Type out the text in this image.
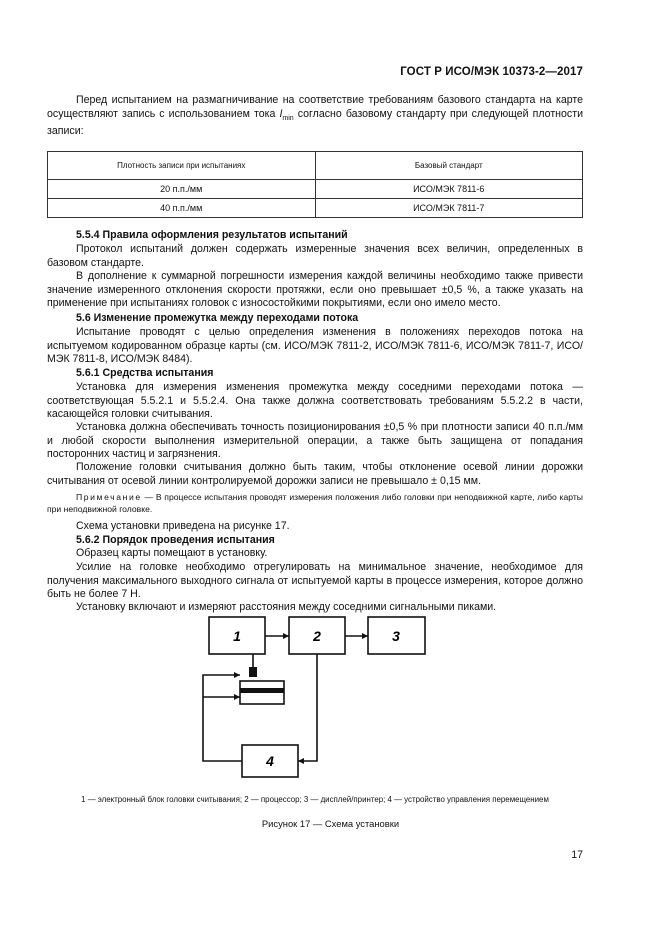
ГОСТ Р ИСО/МЭК 10373-2—2017

Перед испытанием на размагничивание на соответствие требованиям базового стандарта на карте осуществляют запись с использованием тока $I_{min}$ согласно базовому стандарту при следующей плотности записи:

Плотность записи при испытаниях	Базовый стандарт
20 п.п./мм	ИСО/МЭК 7811-6
40 п.п./мм	ИСО/МЭК 7811-7

5.5.4 Правила оформления результатов испытаний

Протокол испытаний должен содержать измеренные значения всех величин, определенных в базовом стандарте.

В дополнение к суммарной погрешности измерения каждой величины необходимо также привести значение измеренного отклонения скорости протяжки, если оно превышает ±0,5 %, а также указать на применение при испытаниях головок с износостойкими покрытиями, если оно имело место.

5.6 Изменение промежутка между переходами потока

Испытание проводят с целью определения изменения в положениях переходов потока на испытуемом кодированном образце карты (см. ИСО/МЭК 7811-2, ИСО/МЭК 7811-6, ИСО/МЭК 7811-7, ИСО/МЭК 7811-8, ИСО/МЭК 8484).

5.6.1 Средства испытания

Установка для измерения изменения промежутка между соседними переходами потока — соответствующая 5.5.2.1 и 5.5.2.4. Она также должна соответствовать требованиям 5.5.2.2 в части, касающейся головки считывания.

Установка должна обеспечивать точность позиционирования ±0,5 % при плотности записи 40 п.п./мм и любой скорости выполнения измерительной операции, а также быть защищена от попадания посторонних частиц и загрязнения.

Положение головки считывания должно быть таким, чтобы отклонение осевой линии дорожки считывания от осевой линии контролируемой дорожки записи не превышало ± 0,15 мм.

Примечание — В процессе испытания проводят измерения положения либо головки при неподвижной карте, либо карты при неподвижной головке.

Схема установки приведена на рисунке 17.

5.6.2 Порядок проведения испытания

Образец карты помещают в установку.

Усилие на головке необходимо отрегулировать на минимальное значение, необходимое для получения максимального выходного сигнала от испытуемой карты в процессе измерения, которое должно быть не более 7 Н.

Установку включают и измеряют расстояния между соседними сигнальными пиками.

1	2	3
4
1 — электронный блок головки считывания; 2 — процессор; 3 — дисплей/принтер; 4 — устройство управления перемещением
Рисунок 17 — Схема установки
17
